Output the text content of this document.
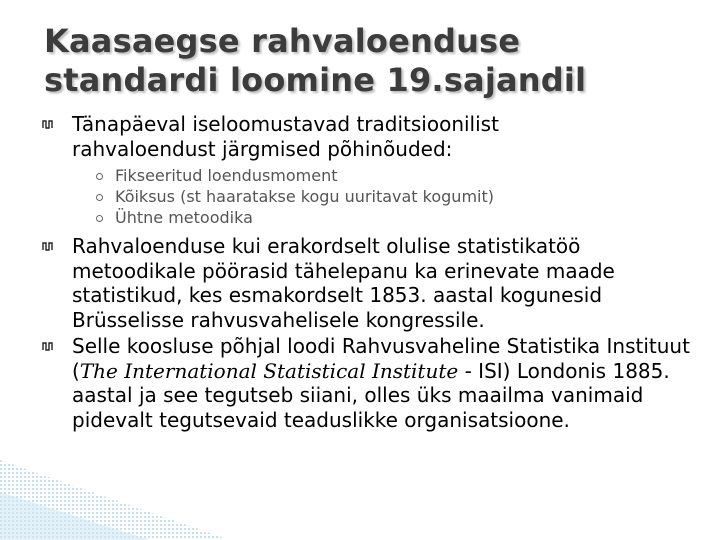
Kaasaegse rahvaloenduse
standardi loomine 19.sajandil
Tänapäeval iseloomustavad traditsioonilist
rahvaloendust järgmised põhinõuded:
Fikseeritud loendusmoment
Kõiksus (st haaratakse kogu uuritavat kogumit)
Ühtne metoodika
Rahvaloenduse kui erakordselt olulise statistikatöö metoodikale pöörasid tähelepanu ka erinevate maade statistikud, kes esmakordselt 1853. aastal kogunesid Brüsselisse rahvusvahelisele kongressile.
Selle koosluse põhjal loodi Rahvusvaheline Statistika Instituut (The International Statistical Institute - ISI) Londonis 1885. aastal ja see tegutseb siiani, olles üks maailma vanimaid pidevalt tegutsevaid teaduslikke organisatsioone.
